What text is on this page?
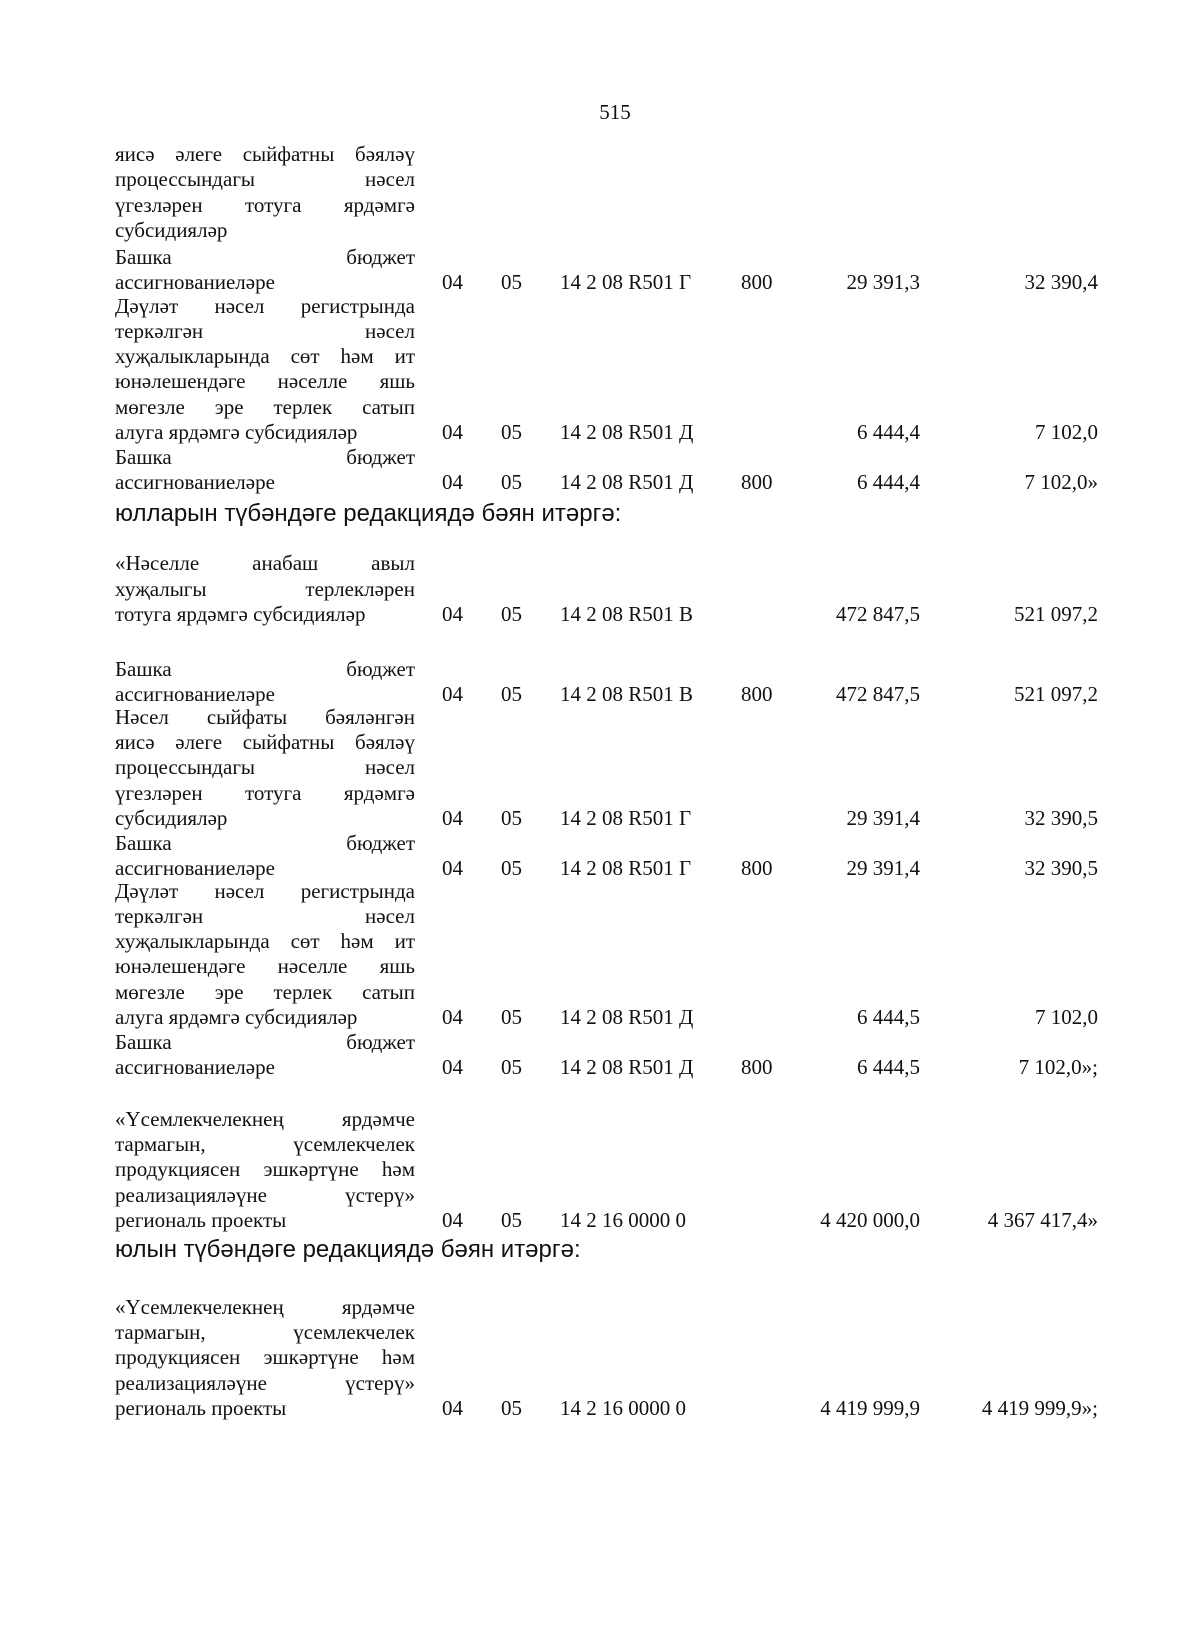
515
яисә әлеге сыйфатны бәяләү
процессындагы нәсел
үгезләрен тотуга ярдәмгә
субсидияләр
Башка бюджет
ассигнованиеләре	04 05 14 2 08 R501 Г 800	29 391,3	32 390,4
Дәүләт нәсел регистрында
теркәлгән нәсел
хуҗалыкларында сөт һәм ит
юнәлешендәге нәселле яшь
мөгезле эре терлек сатып
алуга ярдәмгә субсидияләр	04 05 14 2 08 R501 Д	6 444,4	7 102,0
Башка бюджет
ассигнованиеләре	04 05 14 2 08 R501 Д 800	6 444,4	7 102,0»
юлларын түбәндәге редакциядә бәян итәргә:
«Нәселле анабаш авыл
хуҗалыгы терлекләрен
тотуга ярдәмгә субсидияләр	04 05 14 2 08 R501 В	472 847,5	521 097,2
Башка бюджет
ассигнованиеләре	04 05 14 2 08 R501 В 800	472 847,5	521 097,2
Нәсел сыйфаты бәяләнгән
яисә әлеге сыйфатны бәяләү
процессындагы нәсел
үгезләрен тотуга ярдәмгә
субсидияләр	04 05 14 2 08 R501 Г	29 391,4	32 390,5
Башка бюджет
ассигнованиеләре	04 05 14 2 08 R501 Г 800	29 391,4	32 390,5
Дәүләт нәсел регистрында
теркәлгән нәсел
хуҗалыкларында сөт һәм ит
юнәлешендәге нәселле яшь
мөгезле эре терлек сатып
алуга ярдәмгә субсидияләр	04 05 14 2 08 R501 Д	6 444,5	7 102,0
Башка бюджет
ассигнованиеләре	04 05 14 2 08 R501 Д 800	6 444,5	7 102,0»;
«Үсемлекчелекнең ярдәмче
тармагын, үсемлекчелек
продукциясен эшкәртүне һәм
реализацияләүне үстерү»
региональ проекты	04 05 14 2 16 0000 0	4 420 000,0	4 367 417,4»
юлын түбәндәге редакциядә бәян итәргә:
«Үсемлекчелекнең ярдәмче
тармагын, үсемлекчелек
продукциясен эшкәртүне һәм
реализацияләүне үстерү»
региональ проекты	04 05 14 2 16 0000 0	4 419 999,9	4 419 999,9»;
